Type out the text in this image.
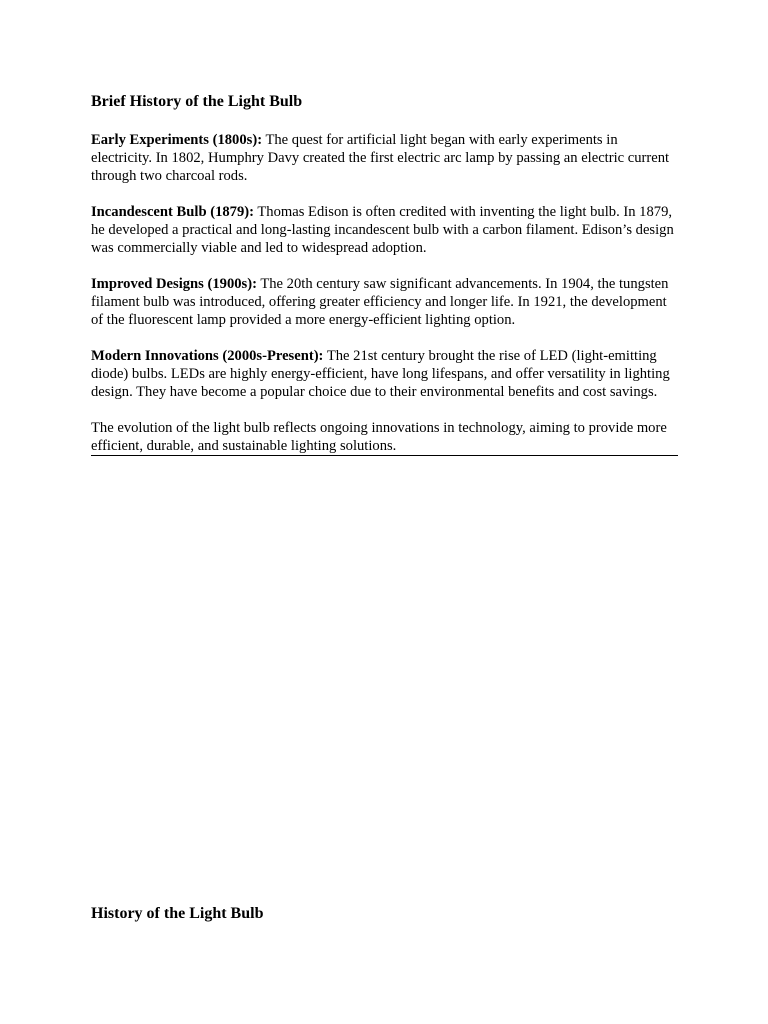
Brief History of the Light Bulb

Early Experiments (1800s): The quest for artificial light began with early experiments in electricity. In 1802, Humphry Davy created the first electric arc lamp by passing an electric current through two charcoal rods.

Incandescent Bulb (1879): Thomas Edison is often credited with inventing the light bulb. In 1879, he developed a practical and long-lasting incandescent bulb with a carbon filament. Edison’s design was commercially viable and led to widespread adoption.

Improved Designs (1900s): The 20th century saw significant advancements. In 1904, the tungsten filament bulb was introduced, offering greater efficiency and longer life. In 1921, the development of the fluorescent lamp provided a more energy-efficient lighting option.

Modern Innovations (2000s-Present): The 21st century brought the rise of LED (light-emitting diode) bulbs. LEDs are highly energy-efficient, have long lifespans, and offer versatility in lighting design. They have become a popular choice due to their environmental benefits and cost savings.

The evolution of the light bulb reflects ongoing innovations in technology, aiming to provide more efficient, durable, and sustainable lighting solutions.

History of the Light Bulb
